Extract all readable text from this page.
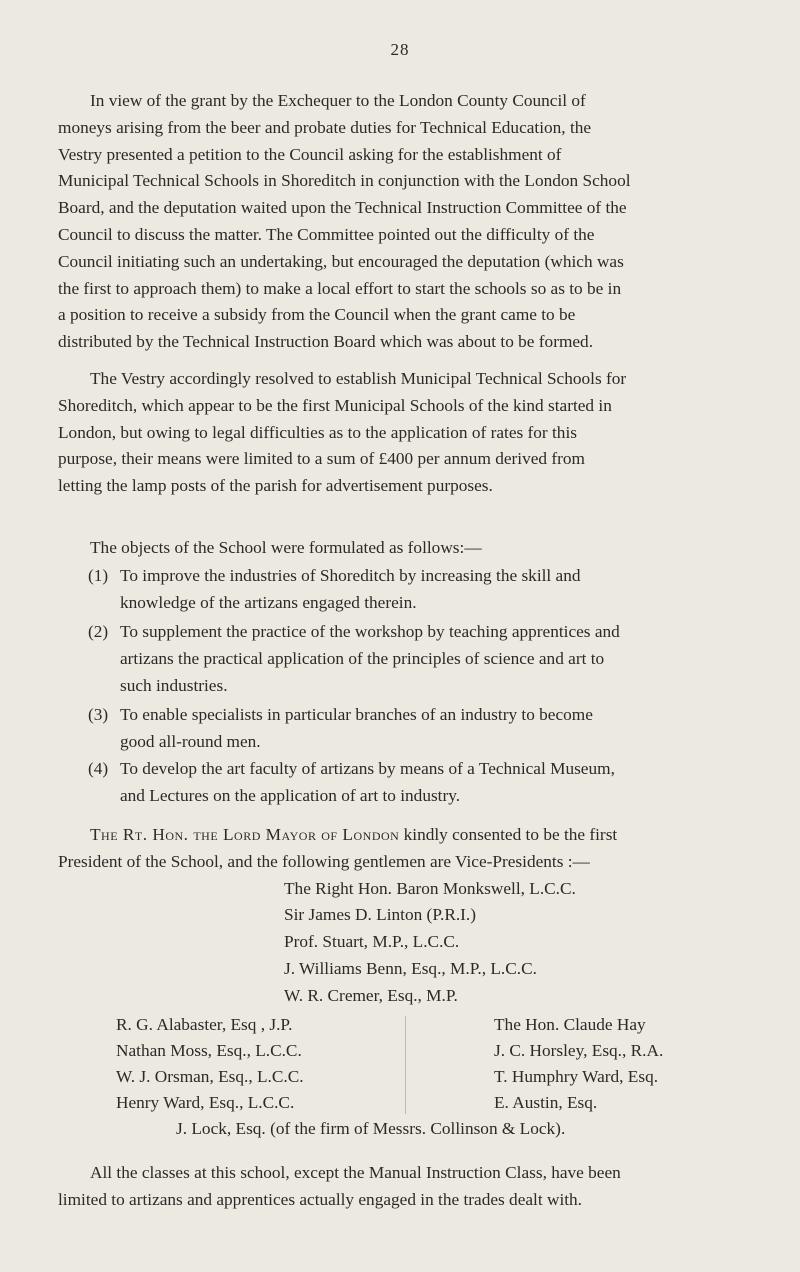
28
In view of the grant by the Exchequer to the London County Council of
moneys arising from the beer and probate duties for Technical Education, the
Vestry presented a petition to the Council asking for the establishment of
Municipal Technical Schools in Shoreditch in conjunction with the London School
Board, and the deputation waited upon the Technical Instruction Committee of the
Council to discuss the matter. The Committee pointed out the difficulty of the
Council initiating such an undertaking, but encouraged the deputation (which was
the first to approach them) to make a local effort to start the schools so as to be in
a position to receive a subsidy from the Council when the grant came to be
distributed by the Technical Instruction Board which was about to be formed.
The Vestry accordingly resolved to establish Municipal Technical Schools for
Shoreditch, which appear to be the first Municipal Schools of the kind started in
London, but owing to legal difficulties as to the application of rates for this
purpose, their means were limited to a sum of £400 per annum derived from
letting the lamp posts of the parish for advertisement purposes.
The objects of the School were formulated as follows:—
(1) To improve the industries of Shoreditch by increasing the skill and
knowledge of the artizans engaged therein.
(2) To supplement the practice of the workshop by teaching apprentices and
artizans the practical application of the principles of science and art to
such industries.
(3) To enable specialists in particular branches of an industry to become
good all-round men.
(4) To develop the art faculty of artizans by means of a Technical Museum,
and Lectures on the application of art to industry.
The Rt. Hon. the Lord Mayor of London kindly consented to be the first
President of the School, and the following gentlemen are Vice-Presidents :—
The Right Hon. Baron Monkswell, L.C.C.
Sir James D. Linton (P.R.I.)
Prof. Stuart, M.P., L.C.C.
J. Williams Benn, Esq., M.P., L.C.C.
W. R. Cremer, Esq., M.P.
R. G. Alabaster, Esq , J.P.
Nathan Moss, Esq., L.C.C.
W. J. Orsman, Esq., L.C.C.
Henry Ward, Esq., L.C.C.
The Hon. Claude Hay
J. C. Horsley, Esq., R.A.
T. Humphry Ward, Esq.
E. Austin, Esq.
J. Lock, Esq. (of the firm of Messrs. Collinson & Lock).
All the classes at this school, except the Manual Instruction Class, have been
limited to artizans and apprentices actually engaged in the trades dealt with.
